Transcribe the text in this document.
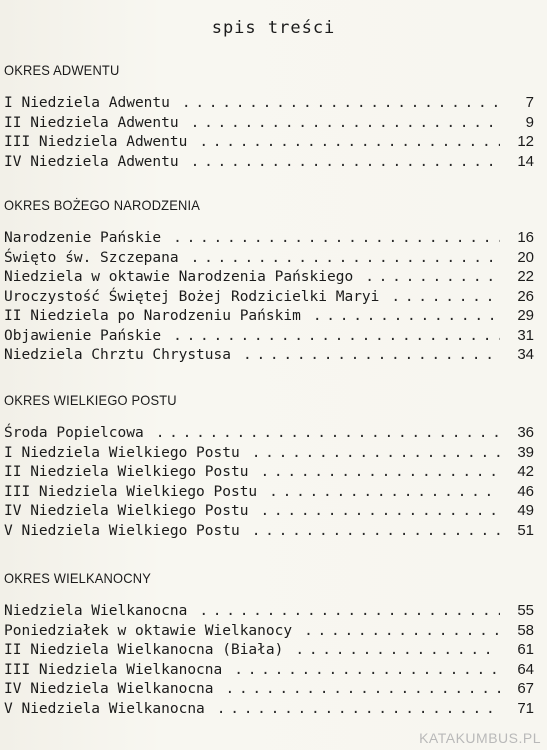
spis treści
OKRES ADWENTU
I Niedziela Adwentu . . .	7
II Niedziela Adwentu . . .	9
III Niedziela Adwentu . . .	12
IV Niedziela Adwentu . . .	14
OKRES BOŻEGO NARODZENIA
Narodzenie Pańskie . . .	16
Święto św. Szczepana . . .	20
Niedziela w oktawie Narodzenia Pańskiego . . .	22
Uroczystość Świętej Bożej Rodzicielki Maryi . . .	26
II Niedziela po Narodzeniu Pańskim . . .	29
Objawienie Pańskie . . .	31
Niedziela Chrztu Chrystusa . . .	34
OKRES WIELKIEGO POSTU
Środa Popielcowa . . .	36
I Niedziela Wielkiego Postu . . .	39
II Niedziela Wielkiego Postu . . .	42
III Niedziela Wielkiego Postu . . .	46
IV Niedziela Wielkiego Postu . . .	49
V Niedziela Wielkiego Postu . . .	51
OKRES WIELKANOCNY
Niedziela Wielkanocna . . .	55
Poniedziałek w oktawie Wielkanocy . . .	58
II Niedziela Wielkanocna (Biała) . . .	61
III Niedziela Wielkanocna . . .	64
IV Niedziela Wielkanocna . . .	67
V Niedziela Wielkanocna . . .	71
KATAKUMBUS.PL
